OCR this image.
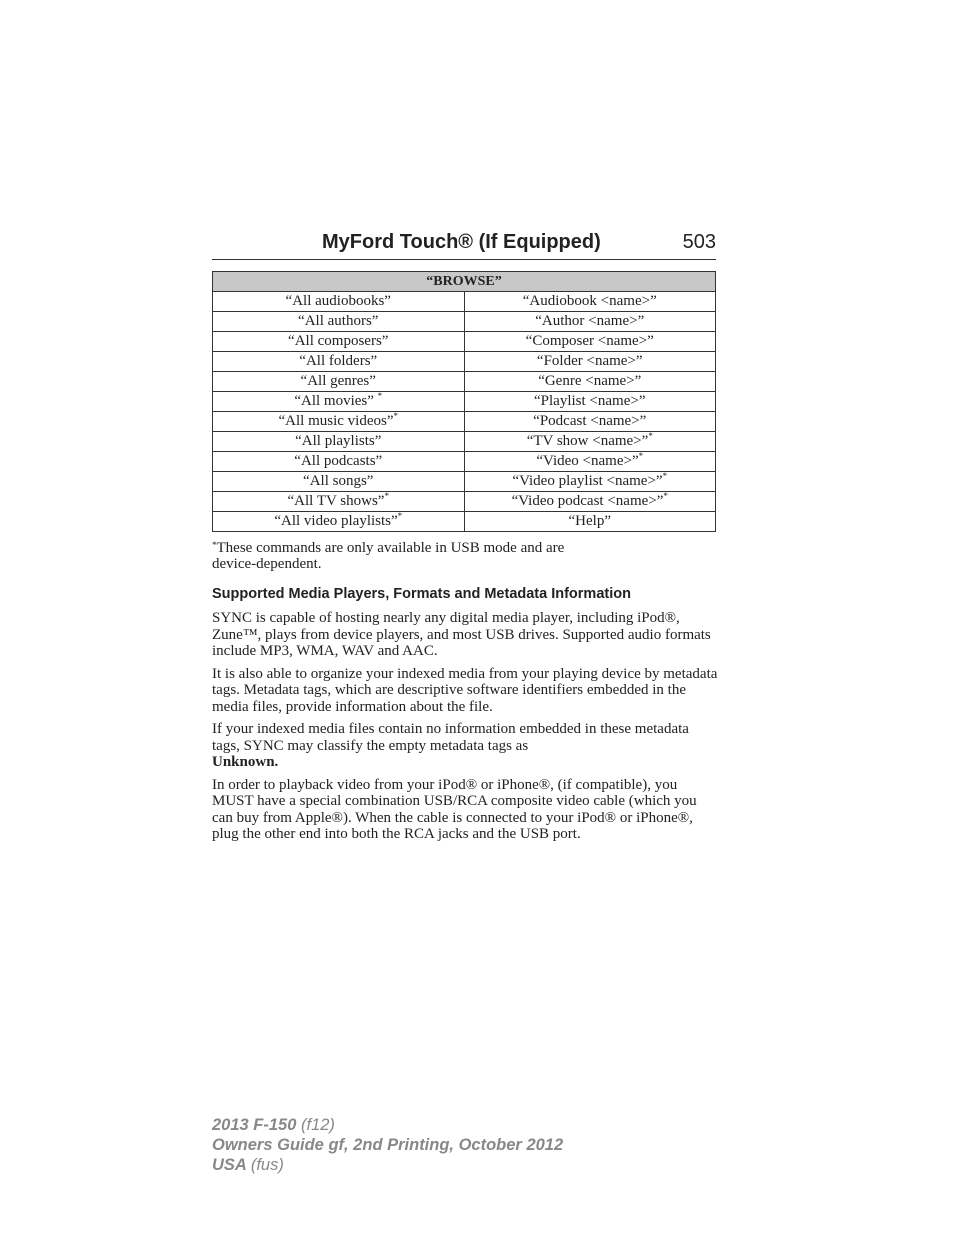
MyFord Touch® (If Equipped)	503
“BROWSE”	
“All audiobooks”	“Audiobook <name>”
“All authors”	“Author <name>”
“All composers”	“Composer <name>”
“All folders”	“Folder <name>”
“All genres”	“Genre <name>”
“All movies” *	“Playlist <name>”
“All music videos”*	“Podcast <name>”
“All playlists”	“TV show <name>”*
“All podcasts”	“Video <name>”*
“All songs”	“Video playlist <name>”*
“All TV shows”*	“Video podcast <name>”*
“All video playlists”*	“Help”
*These commands are only available in USB mode and are
device-dependent.
Supported Media Players, Formats and Metadata Information

SYNC is capable of hosting nearly any digital media player, including iPod®, Zune™, plays from device players, and most USB drives. Supported audio formats include MP3, WMA, WAV and AAC.

It is also able to organize your indexed media from your playing device by metadata tags. Metadata tags, which are descriptive software identifiers embedded in the media files, provide information about the file.

If your indexed media files contain no information embedded in these metadata tags, SYNC may classify the empty metadata tags as
Unknown.

In order to playback video from your iPod® or iPhone®, (if compatible), you MUST have a special combination USB/RCA composite video cable (which you can buy from Apple®). When the cable is connected to your iPod® or iPhone®, plug the other end into both the RCA jacks and the USB port.

2013 F-150 (f12)
Owners Guide gf, 2nd Printing, October 2012
USA (fus)
